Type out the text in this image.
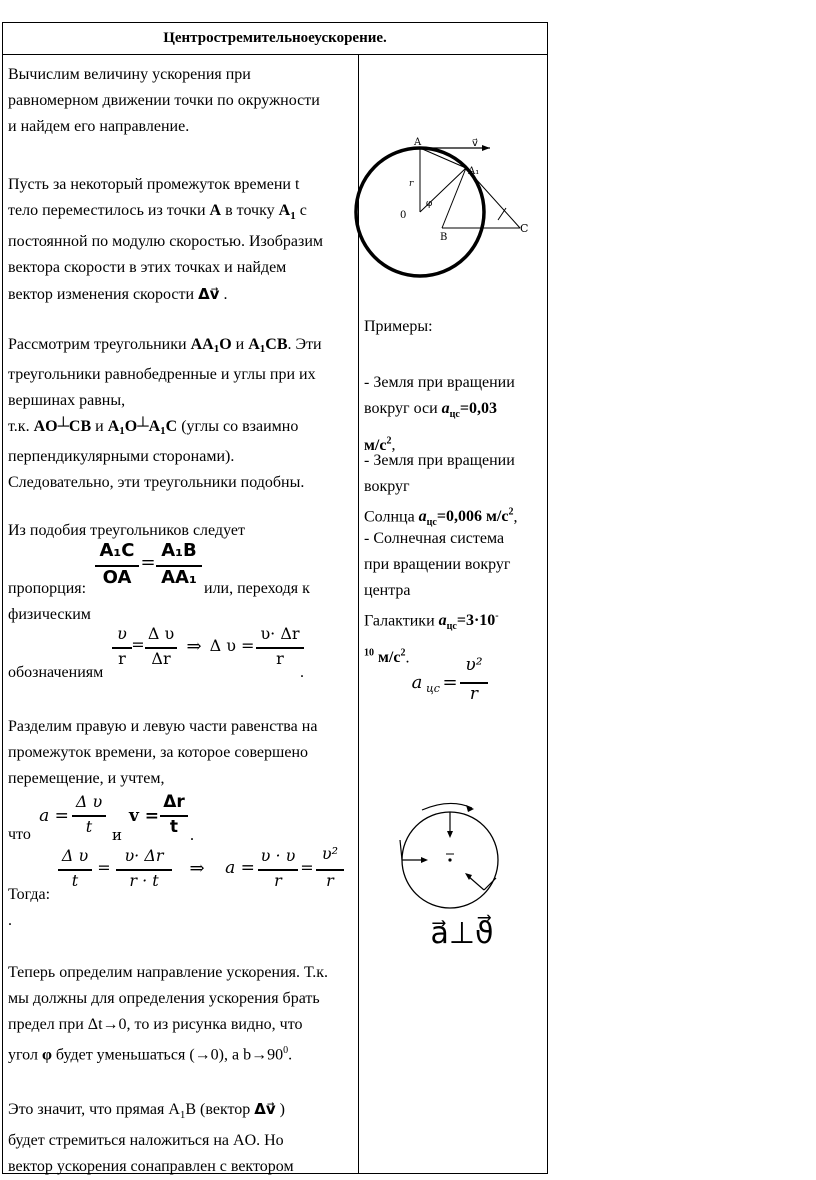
Центростремительноеускорение.
Вычислим величину ускорения при
равномерном движении точки по окружности
и найдем его направление.
Пусть за некоторый промежуток времени t
тело переместилось из точки A в точку $A_1$ с
постоянной по модулю скоростью. Изобразим
вектора скорости в этих точках и найдем
вектор изменения скорости Δv⃗ .
Рассмотрим треугольники AA1O и A1CB. Эти
треугольники равнобедренные и углы при их
вершинах равны,
т.к. AO┴CB и A1O┴A1C (углы со взаимно
перпендикулярными сторонами).
Следовательно, эти треугольники подобны.
Из подобия треугольников следует
пропорция:	или, переходя к
физическим
обозначениям	.
A₁C
OA
=
A₁B
AA₁
υ
r
=
Δ υ
Δr
⇒ Δ υ =
υ· Δr
r
Разделим правую и левую части равенства на
промежуток времени, за которое совершено
перемещение, и учтем,
что
a =
Δ υ
t	и
v =
Δr
t .
Тогда:
Δ υ
t
=
υ· Δr
r · t
⇒	a =
υ · υ
r
=
υ²
r
.
Теперь определим направление ускорения. Т.к.
мы должны для определения ускорения брать
предел при Δt→0, то из рисунка видно, что
угол φ будет уменьшаться (→0), а $b\to 90^0$.
Это значит, что прямая $A_1B$ (вектор Δv⃗ )
будет стремиться наложиться на AO. Но
вектор ускорения сонаправлен с вектором
A
A₁
0
B
C
r
v⃗
φ
Примеры:
- Земля при вращении
вокруг оси $a_{цс}=0,03$
$м/с^2$,
- Земля при вращении
вокруг
Солнца $a_{цс}=0,006$ $м/с^2$,
- Солнечная система
при вращении вокруг
центра
Галактики $a_{цс}=3\cdot 10^-$
$^{10}$ $м/с^2$.
a цс =
υ²
r
a⃗⊥ϑ⃗
